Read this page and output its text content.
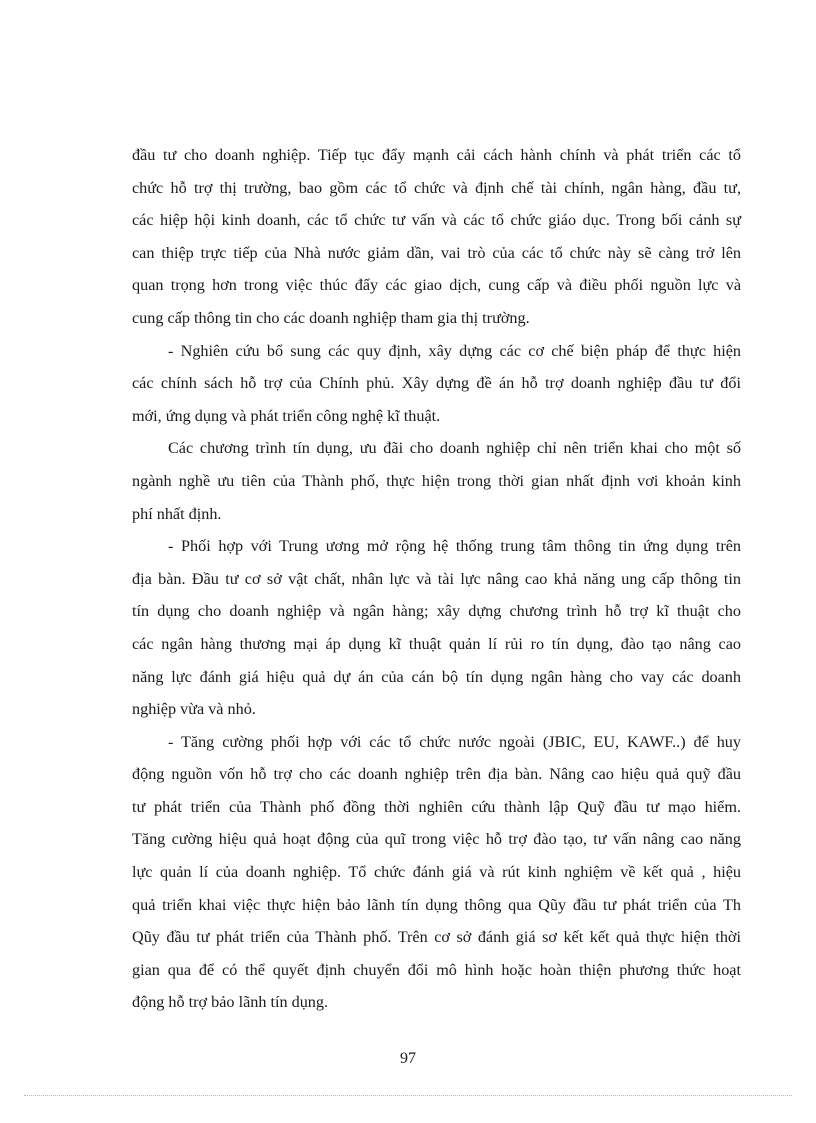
đầu tư cho doanh nghiệp. Tiếp tục đẩy mạnh cải cách hành chính và phát triển các tổ
chức hỗ trợ thị trường, bao gồm các tổ chức và định chế tài chính, ngân hàng, đầu tư,
các hiệp hội kinh doanh, các tổ chức tư vấn và các tổ chức giáo dục. Trong bối cảnh sự
can thiệp trực tiếp của Nhà nước giảm dần, vai trò của các tổ chức này sẽ càng trở lên
quan trọng hơn trong việc thúc đẩy các giao dịch, cung cấp và điều phối nguồn lực và
cung cấp thông tin cho các doanh nghiệp tham gia thị trường.
- Nghiên cứu bổ sung các quy định, xây dựng các cơ chế biện pháp để thực hiện
các chính sách hỗ trợ của Chính phủ. Xây dựng đề án hỗ trợ doanh nghiệp đầu tư đổi
mới, ứng dụng và phát triển công nghệ kĩ thuật.
Các chương trình tín dụng, ưu đãi cho doanh nghiệp chỉ nên triển khai cho một số
ngành nghề ưu tiên của Thành phố, thực hiện trong thời gian nhất định vơi khoản kinh
phí nhất định.
- Phối hợp với Trung ương mở rộng hệ thống trung tâm thông tin ứng dụng trên
địa bàn. Đầu tư cơ sở vật chất, nhân lực và tài lực nâng cao khả năng ung cấp thông tin
tín dụng cho doanh nghiệp và ngân hàng; xây dựng chương trình hỗ trợ kĩ thuật cho
các ngân hàng thương mại áp dụng kĩ thuật quản lí rủi ro tín dụng, đào tạo nâng cao
năng lực đánh giá hiệu quả dự án của cán bộ tín dụng ngân hàng cho vay các doanh
nghiệp vừa và nhỏ.
- Tăng cường phối hợp với các tổ chức nước ngoài (JBIC, EU, KAWF..) để huy
động nguồn vốn hỗ trợ cho các doanh nghiệp trên địa bàn. Nâng cao hiệu quả quỹ đầu
tư phát triển của Thành phố đồng thời nghiên cứu thành lập Quỹ đầu tư mạo hiểm.
Tăng cường hiệu quả hoạt động của quĩ trong việc hỗ trợ đào tạo, tư vấn nâng cao năng
lực quản lí của doanh nghiệp. Tổ chức đánh giá và rút kinh nghiệm về kết quả , hiệu
quả triển khai việc thực hiện bảo lãnh tín dụng thông qua Qũy đầu tư phát triển của Th
Qũy đầu tư phát triển của Thành phố. Trên cơ sở đánh giá sơ kết kết quả thực hiện thời
gian qua để có thể quyết định chuyển đổi mô hình hoặc hoàn thiện phương thức hoạt
động hỗ trợ bảo lãnh tín dụng.
97
